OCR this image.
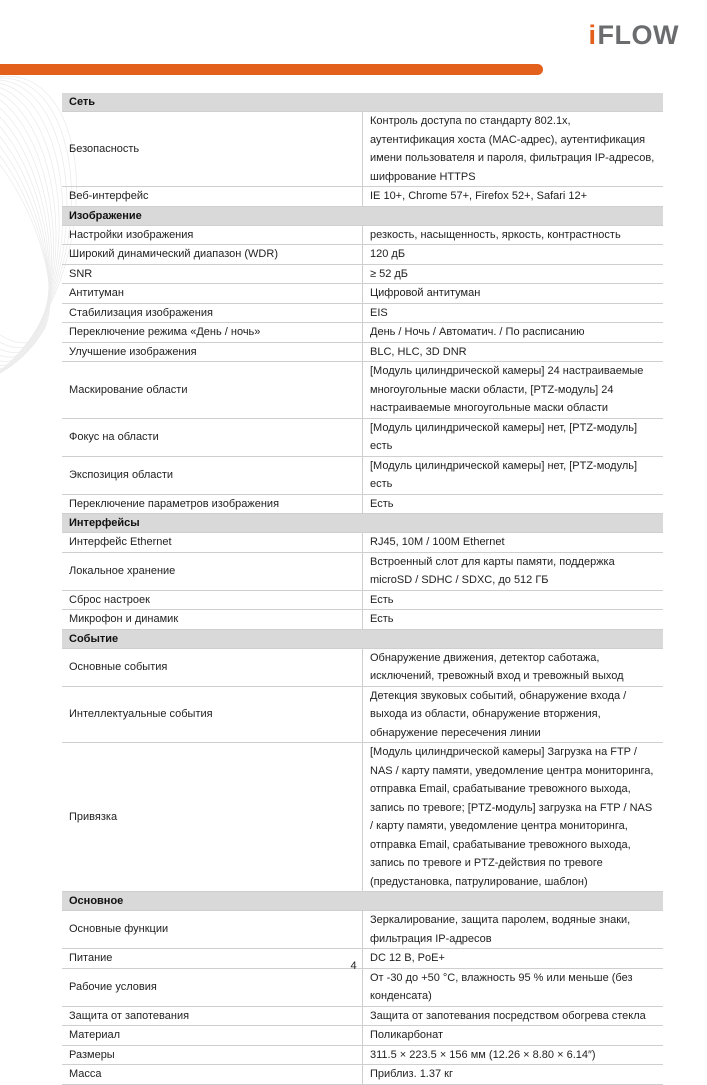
iFLOW
Сеть	
Безопасность	Контроль доступа по стандарту 802.1x, аутентификация хоста (MAC-адрес), аутентификация имени пользователя и пароля, фильтрация IP-адресов, шифрование HTTPS
Веб-интерфейс	IE 10+, Chrome 57+, Firefox 52+, Safari 12+
Изображение	
Настройки изображения	резкость, насыщенность, яркость, контрастность
Широкий динамический диапазон (WDR)	120 дБ
SNR	≥ 52 дБ
Антитуман	Цифровой антитуман
Стабилизация изображения	EIS
Переключение режима «День / ночь»	День / Ночь / Автоматич. / По расписанию
Улучшение изображения	BLC, HLC, 3D DNR
Маскирование области	[Модуль цилиндрической камеры] 24 настраиваемые многоугольные маски области, [PTZ-модуль] 24 настраиваемые многоугольные маски области
Фокус на области	[Модуль цилиндрической камеры] нет, [PTZ-модуль] есть
Экспозиция области	[Модуль цилиндрической камеры] нет, [PTZ-модуль] есть
Переключение параметров изображения	Есть
Интерфейсы	
Интерфейс Ethernet	RJ45, 10M / 100M Ethernet
Локальное хранение	Встроенный слот для карты памяти, поддержка microSD / SDHC / SDXC, до 512 ГБ
Сброс настроек	Есть
Микрофон и динамик	Есть
Событие	
Основные события	Обнаружение движения, детектор саботажа, исключений, тревожный вход и тревожный выход
Интеллектуальные события	Детекция звуковых событий, обнаружение входа / выхода из области, обнаружение вторжения, обнаружение пересечения линии
Привязка	[Модуль цилиндрической камеры] Загрузка на FTP / NAS / карту памяти, уведомление центра мониторинга, отправка Email, срабатывание тревожного выхода, запись по тревоге; [PTZ-модуль] загрузка на FTP / NAS / карту памяти, уведомление центра мониторинга, отправка Email, срабатывание тревожного выхода, запись по тревоге и PTZ-действия по тревоге (предустановка, патрулирование, шаблон)
Основное	
Основные функции	Зеркалирование, защита паролем, водяные знаки, фильтрация IP-адресов
Питание	DC 12 В, PoE+
Рабочие условия	От -30 до +50 °C, влажность 95 % или меньше (без конденсата)
Защита от запотевания	Защита от запотевания посредством обогрева стекла
Материал	Поликарбонат
Размеры	311.5 × 223.5 × 156 мм (12.26 × 8.80 × 6.14″)
Масса	Приблиз. 1.37 кг
4
